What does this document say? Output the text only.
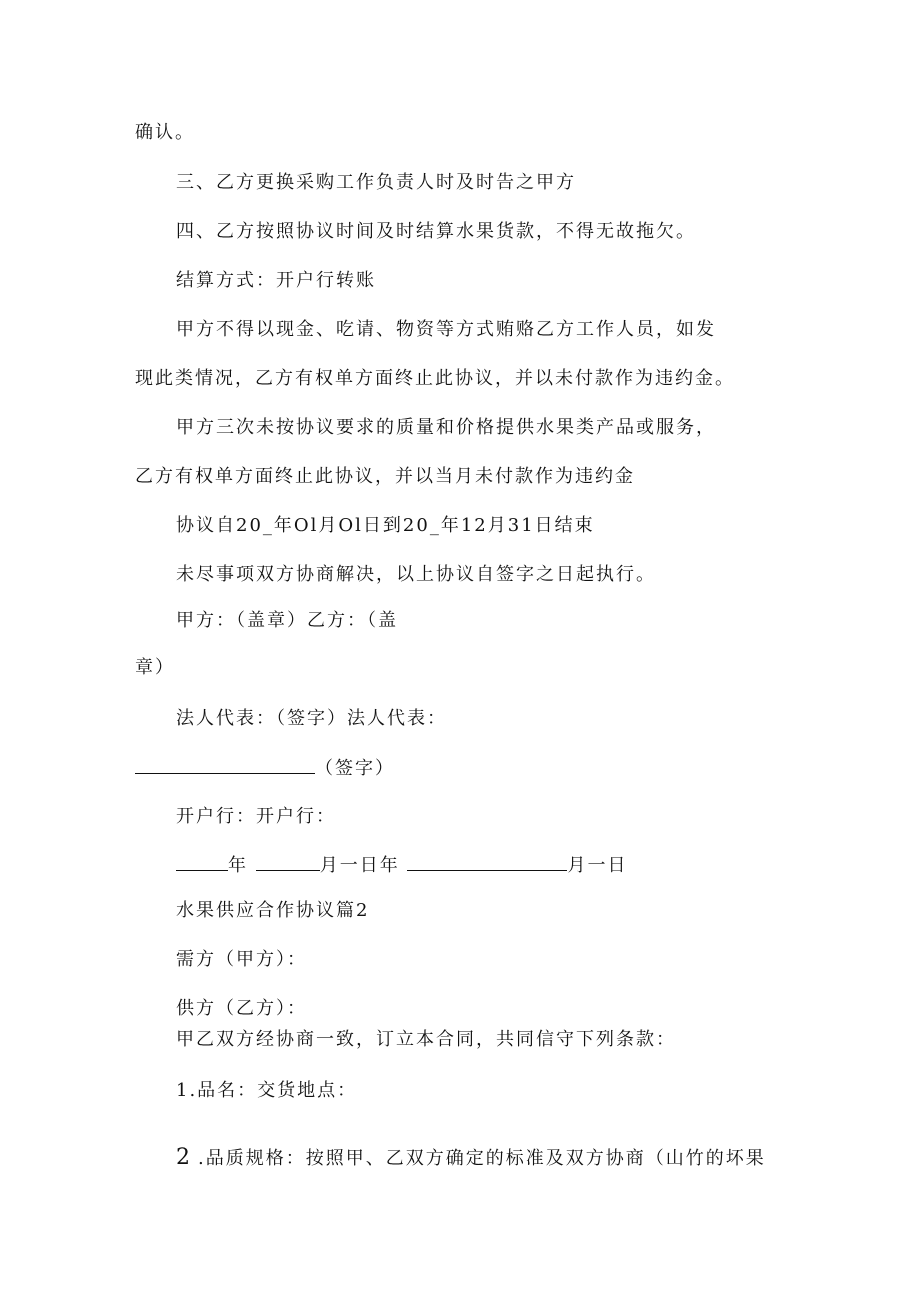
确认。
三、乙方更换采购工作负责人时及时告之甲方
四、乙方按照协议时间及时结算水果货款，不得无故拖欠。
结算方式：开户行转账
甲方不得以现金、吃请、物资等方式贿赂乙方工作人员，如发
现此类情况，乙方有权单方面终止此协议，并以未付款作为违约金。
甲方三次未按协议要求的质量和价格提供水果类产品或服务，
乙方有权单方面终止此协议，并以当月未付款作为违约金
协议自20_年Ol月Ol日到20_年12月31日结束
未尽事项双方协商解决，以上协议自签字之日起执行。
甲方：（盖章）乙方：（盖
章）
法人代表：（签字）法人代表：
（签字）
开户行：开户行：
年	月一日年	月一日
水果供应合作协议篇2
需方（甲方）：
供方（乙方）：
甲乙双方经协商一致，订立本合同，共同信守下列条款：
1.品名：交货地点：
2 .品质规格：按照甲、乙双方确定的标准及双方协商（山竹的坏果
